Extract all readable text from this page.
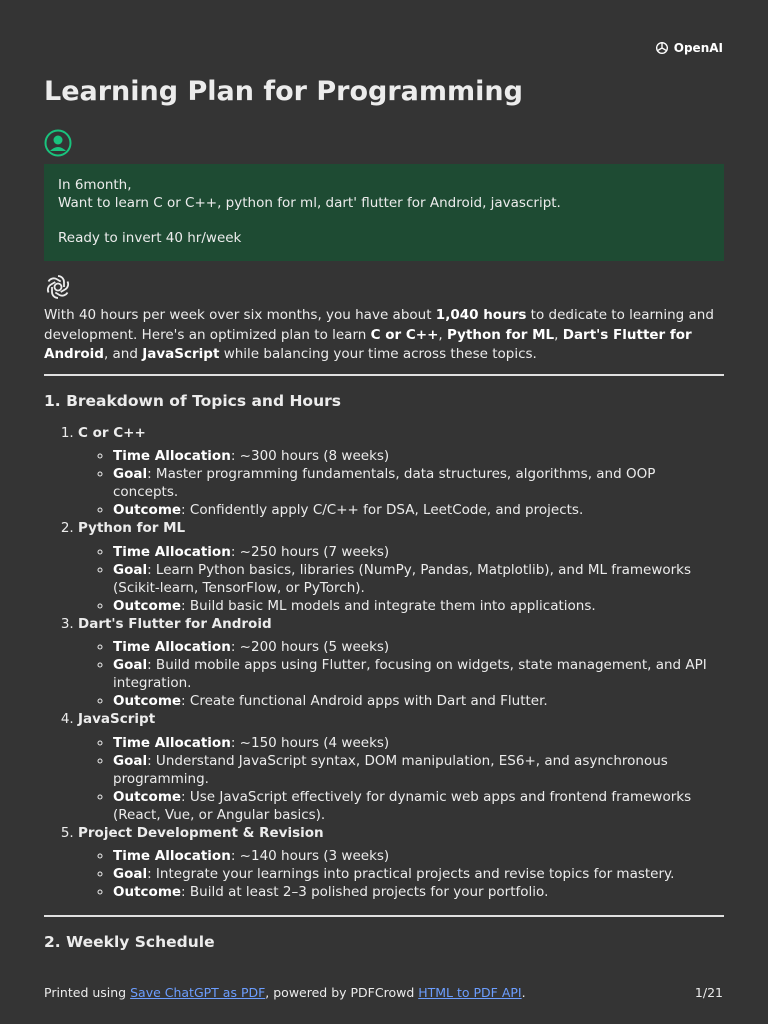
OpenAI
Learning Plan for Programming

In 6month,

Want to learn C or C++, python for ml, dart' flutter for Android, javascript.

Ready to invert 40 hr/week

With 40 hours per week over six months, you have about 1,040 hours to dedicate to learning and development. Here's an optimized plan to learn C or C++, Python for ML, Dart's Flutter for Android, and JavaScript while balancing your time across these topics.

1. Breakdown of Topics and Hours
1. C or C++
◦ Time Allocation: ~300 hours (8 weeks)
◦ Goal: Master programming fundamentals, data structures, algorithms, and OOP concepts.
◦ Outcome: Confidently apply C/C++ for DSA, LeetCode, and projects.
2. Python for ML
◦ Time Allocation: ~250 hours (7 weeks)
◦ Goal: Learn Python basics, libraries (NumPy, Pandas, Matplotlib), and ML frameworks (Scikit-learn, TensorFlow, or PyTorch).
◦ Outcome: Build basic ML models and integrate them into applications.
3. Dart's Flutter for Android
◦ Time Allocation: ~200 hours (5 weeks)
◦ Goal: Build mobile apps using Flutter, focusing on widgets, state management, and API integration.
◦ Outcome: Create functional Android apps with Dart and Flutter.
4. JavaScript
◦ Time Allocation: ~150 hours (4 weeks)
◦ Goal: Understand JavaScript syntax, DOM manipulation, ES6+, and asynchronous programming.
◦ Outcome: Use JavaScript effectively for dynamic web apps and frontend frameworks (React, Vue, or Angular basics).
5. Project Development & Revision
◦ Time Allocation: ~140 hours (3 weeks)
◦ Goal: Integrate your learnings into practical projects and revise topics for mastery.
◦ Outcome: Build at least 2–3 polished projects for your portfolio.
2. Weekly Schedule
Printed using Save ChatGPT as PDF, powered by PDFCrowd HTML to PDF API.	1/21
